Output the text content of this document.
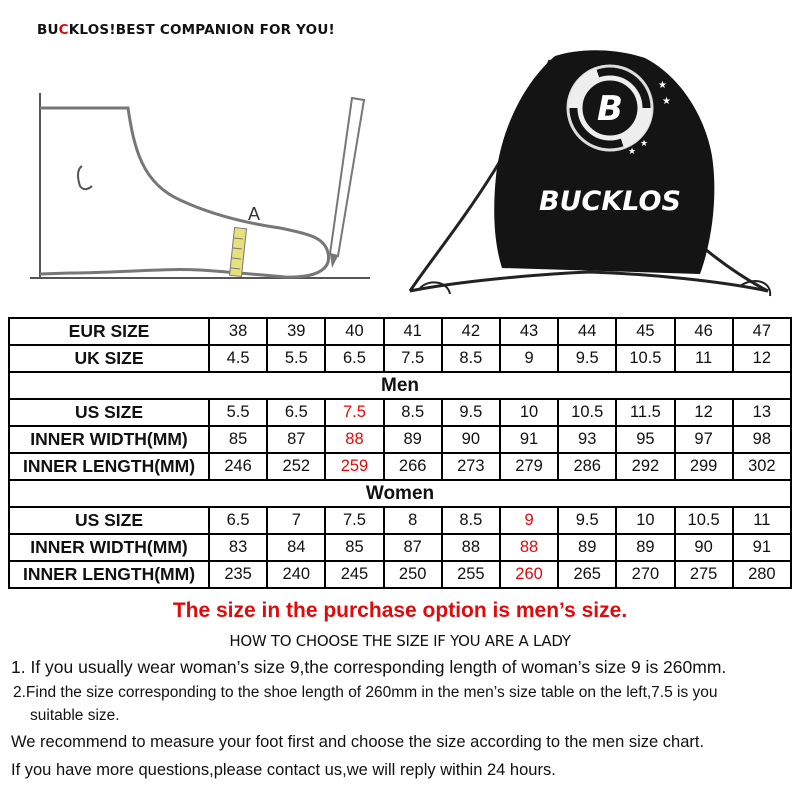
BUCKLOS!BEST COMPANION FOR YOU!
A
B
★
★
★
★
BUCKLOS
EUR SIZE	38	39	40	41	42	43	44	45	46	47
UK SIZE	4.5	5.5	6.5	7.5	8.5	9	9.5	10.5	11	12
Men										
US SIZE	5.5	6.5	7.5	8.5	9.5	10	10.5	11.5	12	13
INNER WIDTH(MM)	85	87	88	89	90	91	93	95	97	98
INNER LENGTH(MM)	246	252	259	266	273	279	286	292	299	302
Women										
US SIZE	6.5	7	7.5	8	8.5	9	9.5	10	10.5	11
INNER WIDTH(MM)	83	84	85	87	88	88	89	89	90	91
INNER LENGTH(MM)	235	240	245	250	255	260	265	270	275	280
The size in the purchase option is men’s size.
HOW TO CHOOSE THE SIZE IF YOU ARE A LADY
1. If you usually wear woman’s size 9,the corresponding length of woman’s size 9 is 260mm.
2.Find the size corresponding to the shoe length of 260mm in the men’s size table on the left,7.5 is you
suitable size.
We recommend to measure your foot first and choose the size according to the men size chart.
If you have more questions,please contact us,we will reply within 24 hours.
